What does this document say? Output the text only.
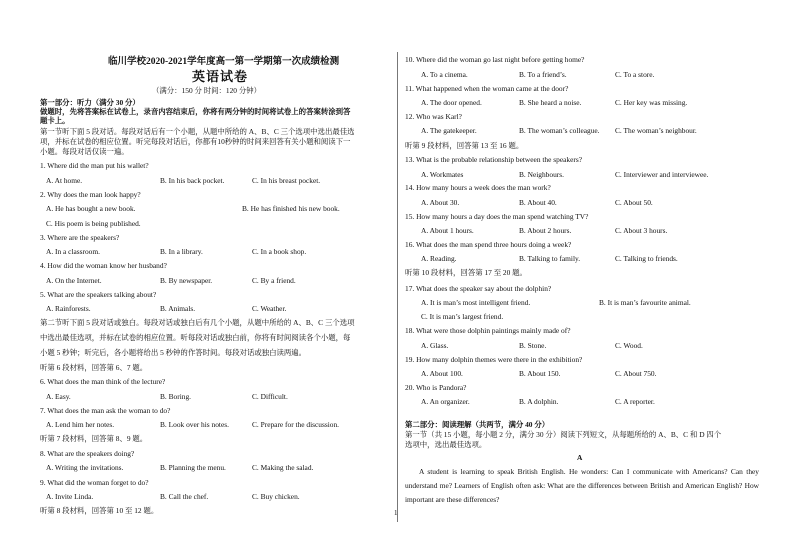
临川学校2020-2021学年度高一第一学期第一次成绩检测
英语试卷
（满分：150 分 时间：120 分钟）
第一部分：听力（满分 30 分）
做题时，先将答案标在试卷上，录音内容结束后，你将有两分钟的时间将试卷上的答案转涂到答
题卡上。
第一节听下面 5 段对话。每段对话后有一个小题，从题中所给的 A、B、C 三个选项中选出最佳选
项，并标在试卷的相应位置。听完每段对话后，你都有10秒钟的时间来回答有关小题和阅读下一
小题。每段对话仅读一遍。
1. Where did the man put his wallet?
A. At home.	B. In his back pocket.	C. In his breast pocket.
2. Why does the man look happy?
A. He has bought a new book.	B. He has finished his new book.
C. His poem is being published.
3. Where are the speakers?
A. In a classroom.	B. In a library.	C. In a book shop.
4. How did the woman know her husband?
A. On the Internet.	B. By newspaper.	C. By a friend.
5. What are the speakers talking about?
A. Rainforests.	B. Animals.	C. Weather.
第二节听下面 5 段对话或独白。每段对话或独白后有几个小题，从题中所给的 A、B、C 三个选项
中选出最佳选项，并标在试卷的相应位置。听每段对话或独白前，你将有时间阅读各个小题，每
小题 5 秒钟；听完后，各小题将给出 5 秒钟的作答时间。每段对话或独白读两遍。
听第 6 段材料，回答第 6、7 题。
6. What does the man think of the lecture?
A. Easy.	B. Boring.	C. Difficult.
7. What does the man ask the woman to do?
A. Lend him her notes.	B. Look over his notes.	C. Prepare for the discussion.
听第 7 段材料，回答第 8、9 题。
8. What are the speakers doing?
A. Writing the invitations.	B. Planning the menu.	C. Making the salad.
9. What did the woman forget to do?
A. Invite Linda.	B. Call the chef.	C. Buy chicken.
听第 8 段材料，回答第 10 至 12 题。
10. Where did the woman go last night before getting home?
A. To a cinema.	B. To a friend’s.	C. To a store.
11. What happened when the woman came at the door?
A. The door opened.	B. She heard a noise.	C. Her key was missing.
12. Who was Karl?
A. The gatekeeper.	B. The woman’s colleague. C. The woman’s neighbour.
听第 9 段材料，回答第 13 至 16 题。
13. What is the probable relationship between the speakers?
A. Workmates	B. Neighbours.	C. Interviewer and interviewee.
14. How many hours a week does the man work?
A. About 30.	B. About 40.	C. About 50.
15. How many hours a day does the man spend watching TV?
A. About 1 hours.	B. About 2 hours.	C. About 3 hours.
16. What does the man spend three hours doing a week?
A. Reading.	B. Talking to family.	C. Talking to friends.
听第 10 段材料，回答第 17 至 20 题。
17. What does the speaker say about the dolphin?
A. It is man’s most intelligent friend.	B. It is man’s favourite animal.
C. It is man’s largest friend.
18. What were those dolphin paintings mainly made of?
A. Glass.	B. Stone.	C. Wood.
19. How many dolphin themes were there in the exhibition?
A. About 100.	B. About 150.	C. About 750.
20. Who is Pandora?
A. An organizer.	B. A dolphin.	C. A reporter.
第二部分：阅读理解（共两节，满分 40 分）
第一节（共 15 小题，每小题 2 分，满分 30 分）阅读下列短文，从每题所给的 A、B、C 和 D 四个
选项中，选出最佳选项。
A
A student is learning to speak British English. He wonders: Can I communicate with Americans? Can they understand me? Learners of English often ask: What are the differences between British and American English? How important are these differences?
1
